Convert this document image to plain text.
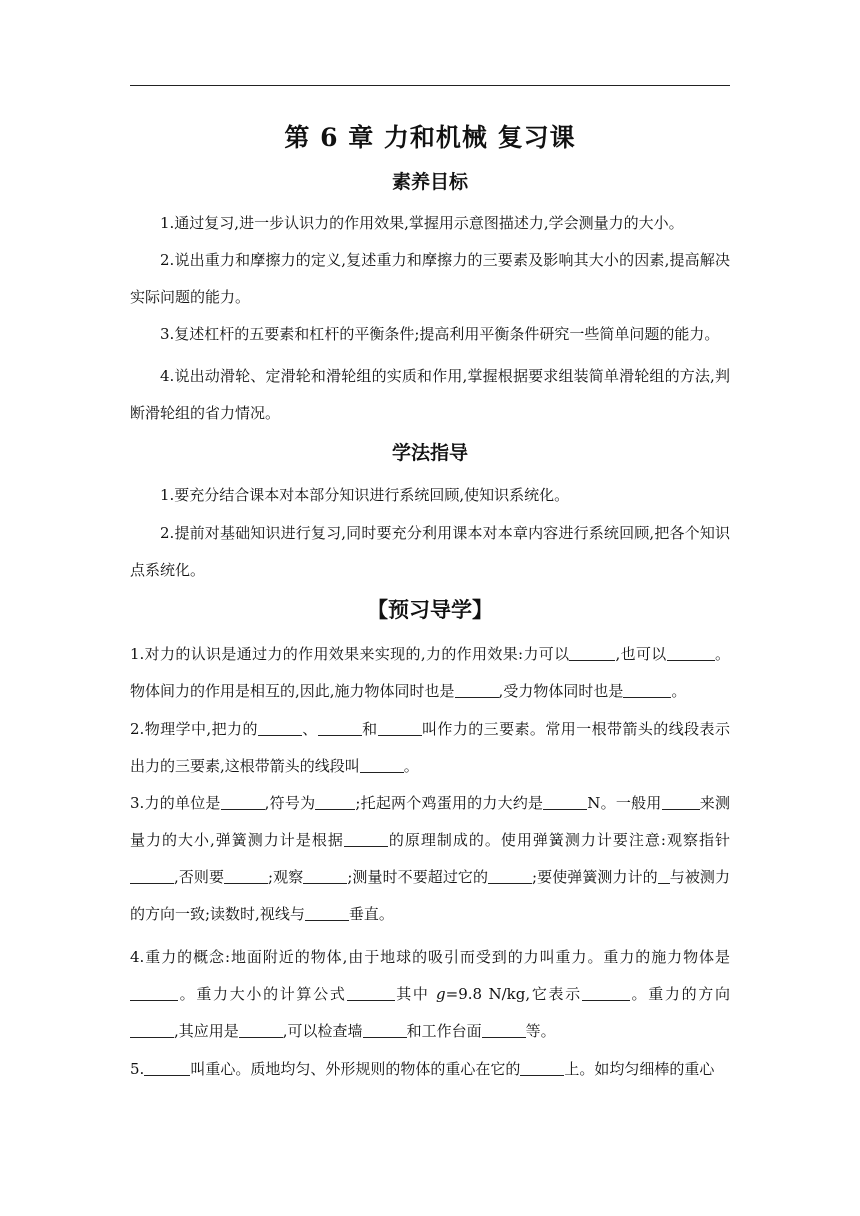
第 6 章 力和机械 复习课
素养目标
1.通过复习,进一步认识力的作用效果,掌握用示意图描述力,学会测量力的大小。
2.说出重力和摩擦力的定义,复述重力和摩擦力的三要素及影响其大小的因素,提高解决实际问题的能力。
3.复述杠杆的五要素和杠杆的平衡条件;提高利用平衡条件研究一些简单问题的能力。
4.说出动滑轮、定滑轮和滑轮组的实质和作用,掌握根据要求组装简单滑轮组的方法,判断滑轮组的省力情况。
学法指导
1.要充分结合课本对本部分知识进行系统回顾,使知识系统化。
2.提前对基础知识进行复习,同时要充分利用课本对本章内容进行系统回顾,把各个知识点系统化。
【预习导学】
1.对力的认识是通过力的作用效果来实现的,力的作用效果:力可以	,也可以	。物体间力的作用是相互的,因此,施力物体同时也是	,受力物体同时也是	。
2.物理学中,把力的	、	和	叫作力的三要素。常用一根带箭头的线段表示出力的三要素,这根带箭头的线段叫	。
3.力的单位是	,符号为	;托起两个鸡蛋用的力大约是	N。一般用	来测量力的大小,弹簧测力计是根据	的原理制成的。使用弹簧测力计要注意:观察指针,否则要	;观察	;测量时不要超过它的	;要使弹簧测力计的 与被测力的方向一致;读数时,视线与	垂直。
4.重力的概念:地面附近的物体,由于地球的吸引而受到的力叫重力。重力的施力物体是。重力大小的计算公式	其中 g=9.8 N/kg,它表示	。重力的方向,其应用是	,可以检查墙	和工作台面	等。
5.	叫重心。质地均匀、外形规则的物体的重心在它的	上。如均匀细棒的重心
